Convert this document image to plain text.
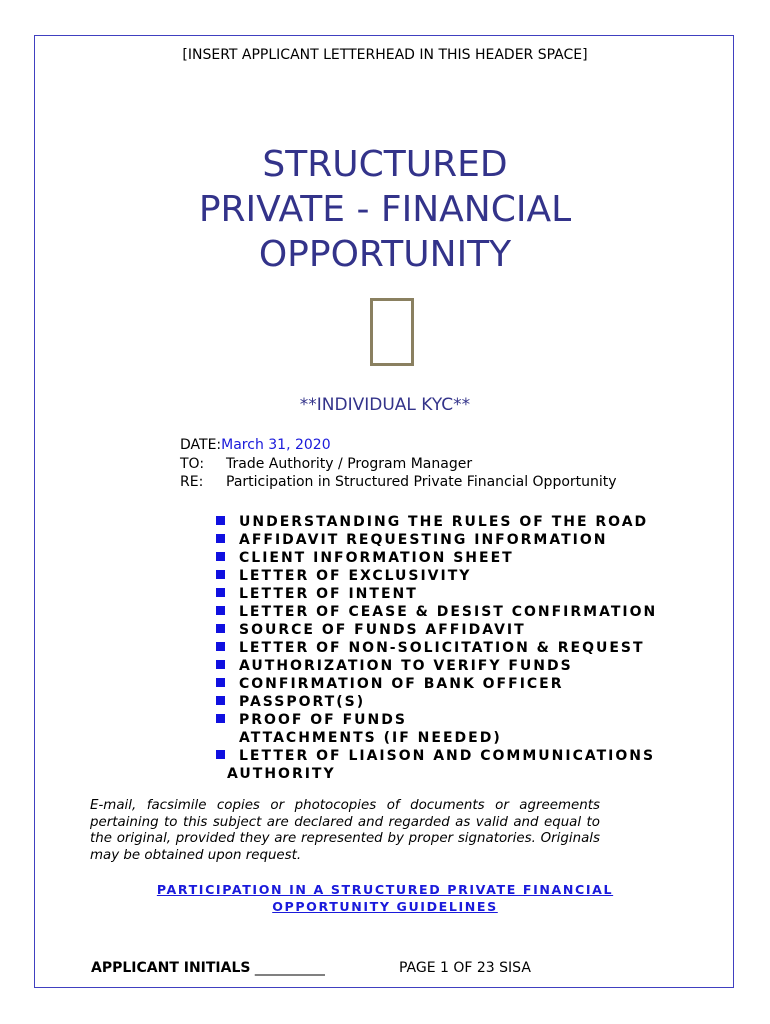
[INSERT APPLICANT LETTERHEAD IN THIS HEADER SPACE]
STRUCTURED
PRIVATE - FINANCIAL
OPPORTUNITY
**INDIVIDUAL KYC**
DATE:March 31, 2020
TO: Trade Authority / Program Manager
RE: Participation in Structured Private Financial Opportunity
UNDERSTANDING THE RULES OF THE ROAD
AFFIDAVIT REQUESTING INFORMATION
CLIENT INFORMATION SHEET
LETTER OF EXCLUSIVITY
LETTER OF INTENT
LETTER OF CEASE & DESIST CONFIRMATION
SOURCE OF FUNDS AFFIDAVIT
LETTER OF NON-SOLICITATION & REQUEST
AUTHORIZATION TO VERIFY FUNDS
CONFIRMATION OF BANK OFFICER
PASSPORT(S)
PROOF OF FUNDS
ATTACHMENTS (IF NEEDED)
LETTER OF LIAISON AND COMMUNICATIONS
AUTHORITY
E-mail, facsimile copies or photocopies of documents or agreements pertaining to this subject are declared and regarded as valid and equal to the original, provided they are represented by proper signatories. Originals may be obtained upon request.
PARTICIPATION IN A STRUCTURED PRIVATE FINANCIAL
OPPORTUNITY GUIDELINES
APPLICANT INITIALS __________	PAGE 1 OF 23 SISA
